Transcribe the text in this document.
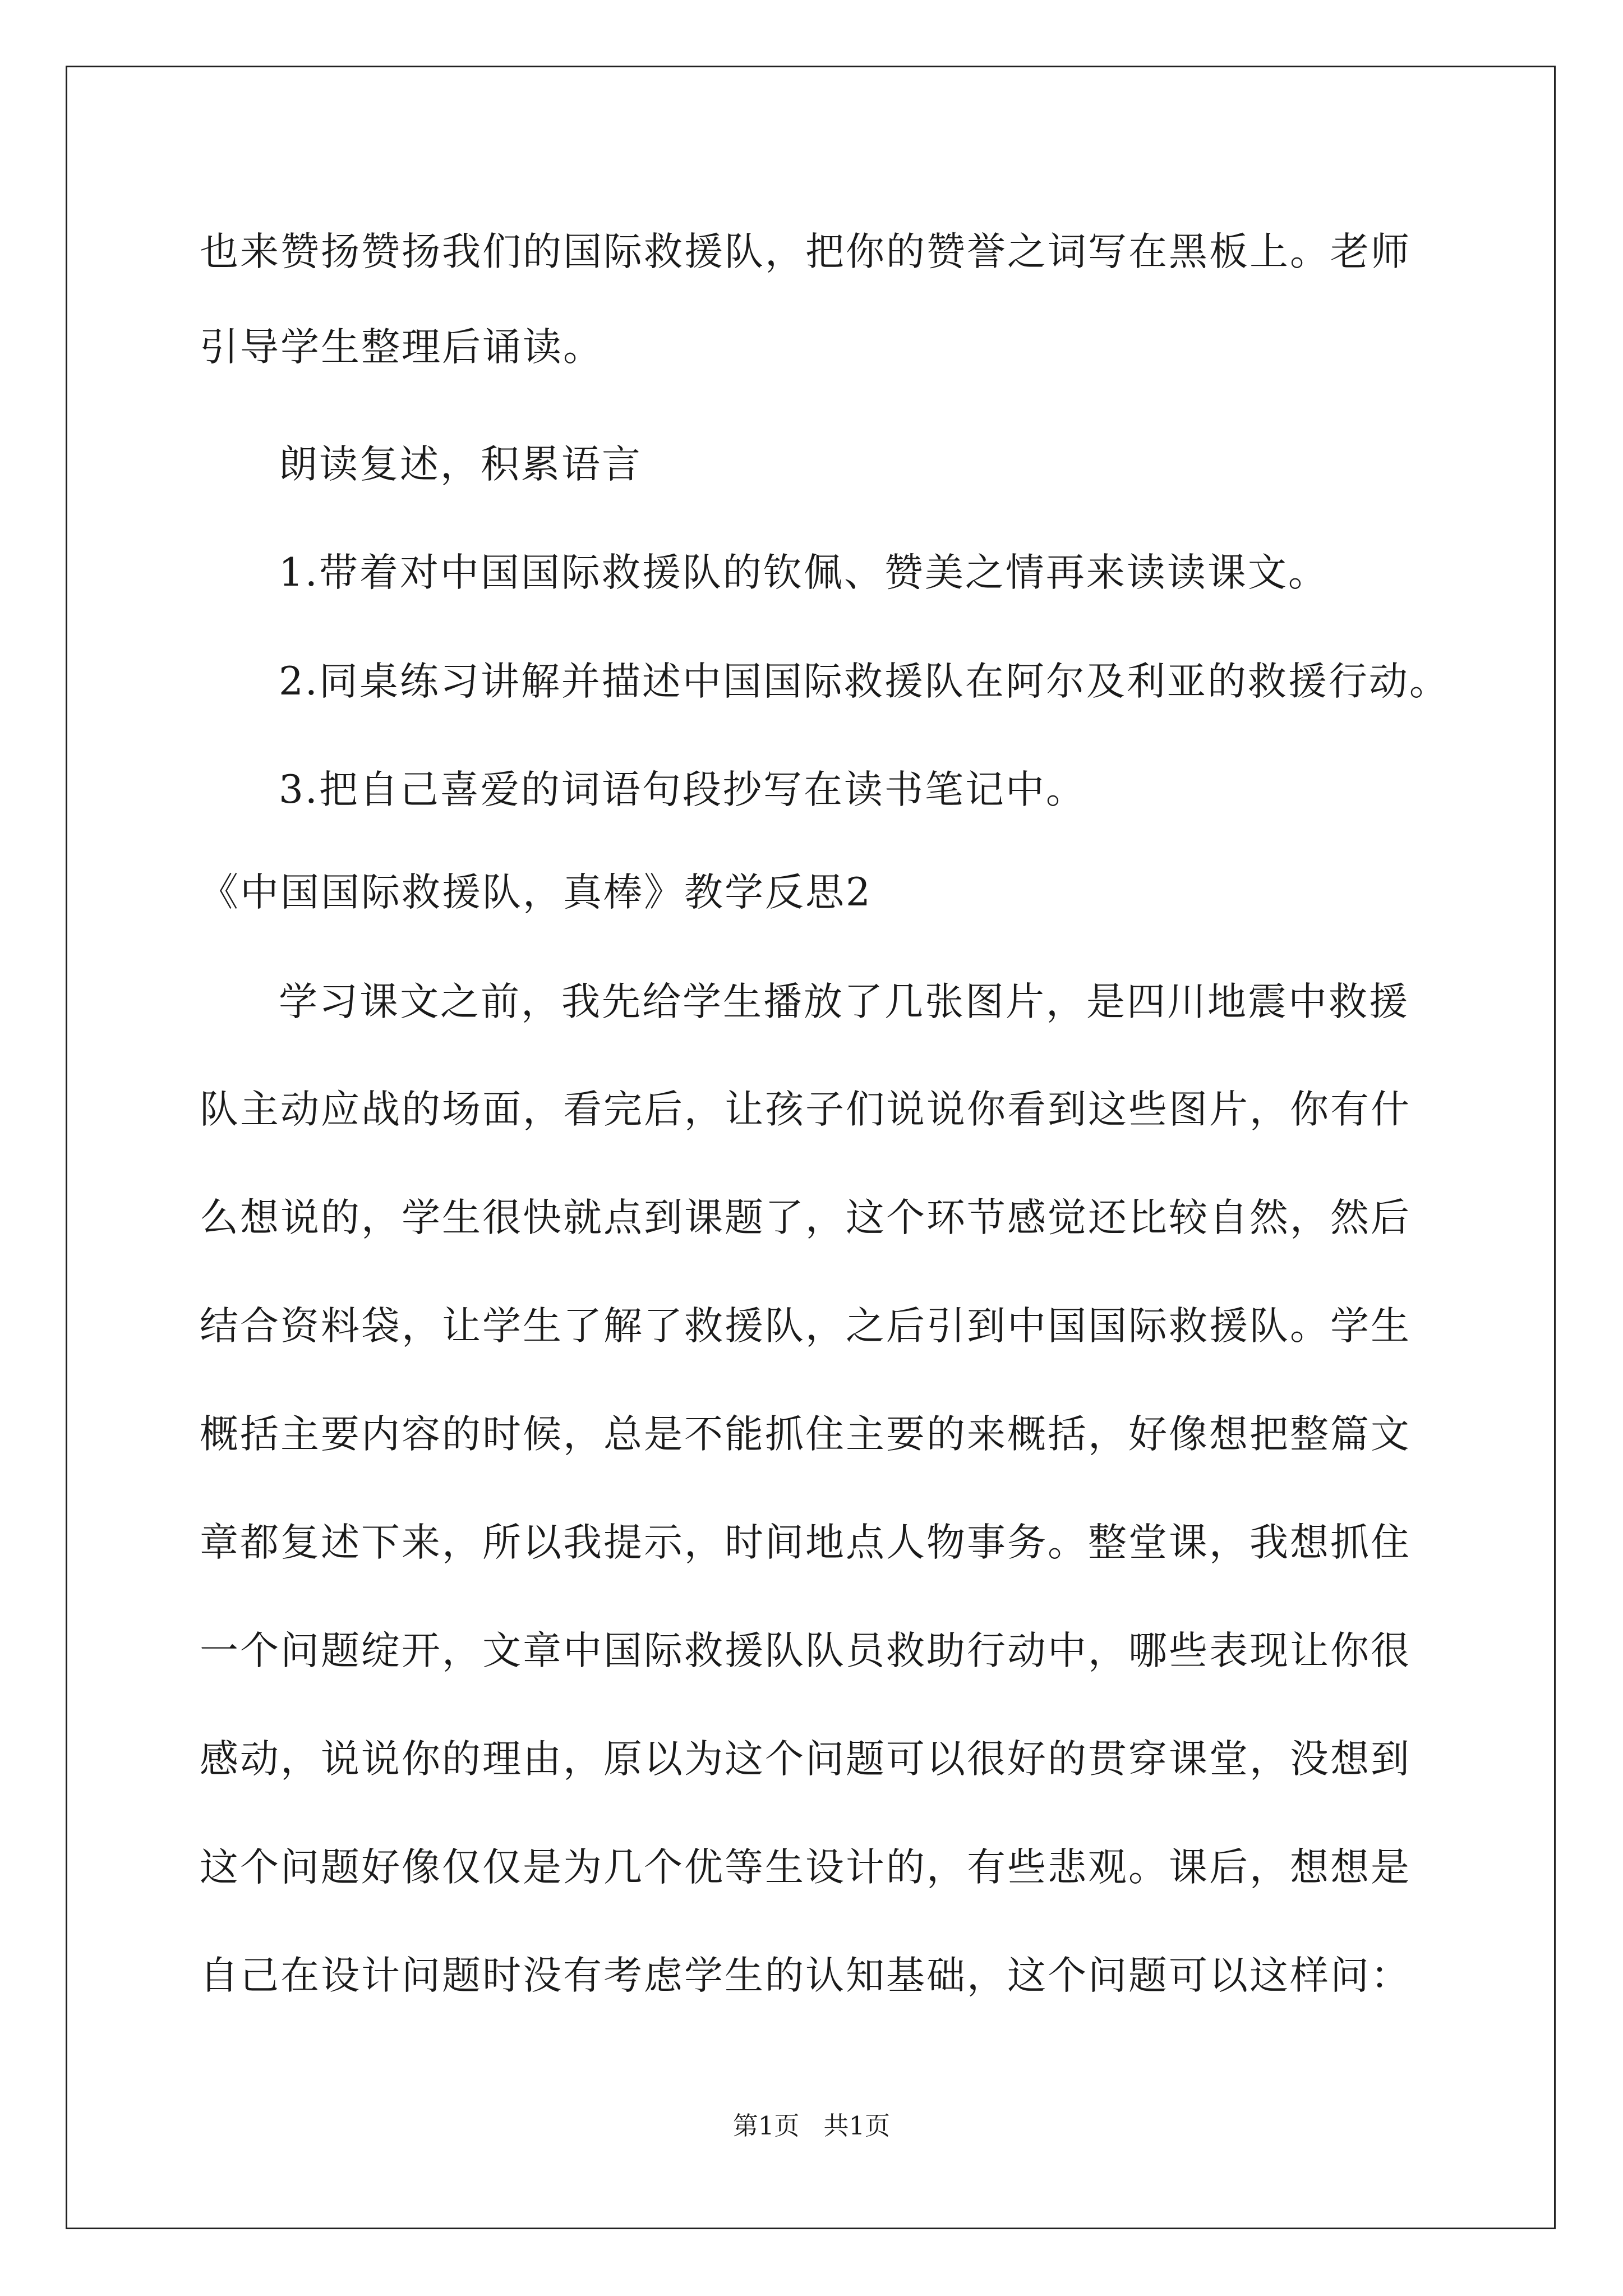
也来赞扬赞扬我们的国际救援队，把你的赞誉之词写在黑板上。老师
引导学生整理后诵读。
朗读复述，积累语言
1.带着对中国国际救援队的钦佩、赞美之情再来读读课文。
2.同桌练习讲解并描述中国国际救援队在阿尔及利亚的救援行动。
3.把自己喜爱的词语句段抄写在读书笔记中。
《中国国际救援队，真棒》教学反思2
学习课文之前，我先给学生播放了几张图片，是四川地震中救援
队主动应战的场面，看完后，让孩子们说说你看到这些图片，你有什
么想说的，学生很快就点到课题了，这个环节感觉还比较自然，然后
结合资料袋，让学生了解了救援队，之后引到中国国际救援队。学生
概括主要内容的时候，总是不能抓住主要的来概括，好像想把整篇文
章都复述下来，所以我提示，时间地点人物事务。整堂课，我想抓住
一个问题绽开，文章中国际救援队队员救助行动中，哪些表现让你很
感动，说说你的理由，原以为这个问题可以很好的贯穿课堂，没想到
这个问题好像仅仅是为几个优等生设计的，有些悲观。课后，想想是
自己在设计问题时没有考虑学生的认知基础，这个问题可以这样问：
第1页   共1页
